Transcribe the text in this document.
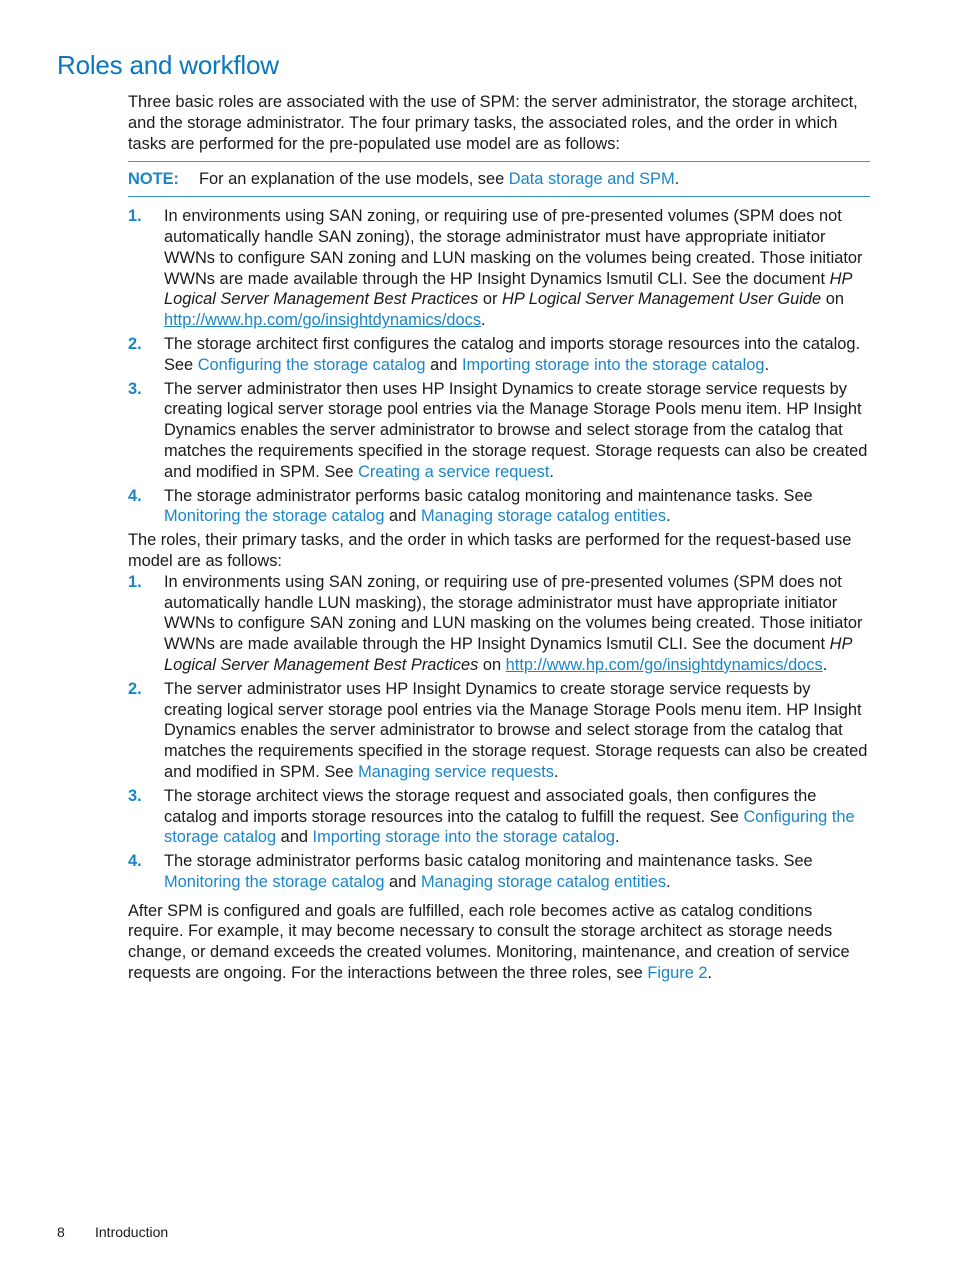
Roles and workflow

Three basic roles are associated with the use of SPM: the server administrator, the storage architect, and the storage administrator. The four primary tasks, the associated roles, and the order in which tasks are performed for the pre-populated use model are as follows:

NOTE: For an explanation of the use models, see Data storage and SPM.
1. In environments using SAN zoning, or requiring use of pre-presented volumes (SPM does not automatically handle SAN zoning), the storage administrator must have appropriate initiator WWNs to configure SAN zoning and LUN masking on the volumes being created. Those initiator WWNs are made available through the HP Insight Dynamics lsmutil CLI. See the document HP Logical Server Management Best Practices or HP Logical Server Management User Guide on http://www.hp.com/go/insightdynamics/docs.
2. The storage architect first configures the catalog and imports storage resources into the catalog. See Configuring the storage catalog and Importing storage into the storage catalog.
3. The server administrator then uses HP Insight Dynamics to create storage service requests by creating logical server storage pool entries via the Manage Storage Pools menu item. HP Insight Dynamics enables the server administrator to browse and select storage from the catalog that matches the requirements specified in the storage request. Storage requests can also be created and modified in SPM. See Creating a service request.
4. The storage administrator performs basic catalog monitoring and maintenance tasks. See Monitoring the storage catalog and Managing storage catalog entities.

The roles, their primary tasks, and the order in which tasks are performed for the request-based use model are as follows:

1. In environments using SAN zoning, or requiring use of pre-presented volumes (SPM does not automatically handle LUN masking), the storage administrator must have appropriate initiator WWNs to configure SAN zoning and LUN masking on the volumes being created. Those initiator WWNs are made available through the HP Insight Dynamics lsmutil CLI. See the document HP Logical Server Management Best Practices on http://www.hp.com/go/insightdynamics/docs.
2. The server administrator uses HP Insight Dynamics to create storage service requests by creating logical server storage pool entries via the Manage Storage Pools menu item. HP Insight Dynamics enables the server administrator to browse and select storage from the catalog that matches the requirements specified in the storage request. Storage requests can also be created and modified in SPM. See Managing service requests.
3. The storage architect views the storage request and associated goals, then configures the catalog and imports storage resources into the catalog to fulfill the request. See Configuring the storage catalog and Importing storage into the storage catalog.
4. The storage administrator performs basic catalog monitoring and maintenance tasks. See Monitoring the storage catalog and Managing storage catalog entities.

After SPM is configured and goals are fulfilled, each role becomes active as catalog conditions require. For example, it may become necessary to consult the storage architect as storage needs change, or demand exceeds the created volumes. Monitoring, maintenance, and creation of service requests are ongoing. For the interactions between the three roles, see Figure 2.

8 Introduction
